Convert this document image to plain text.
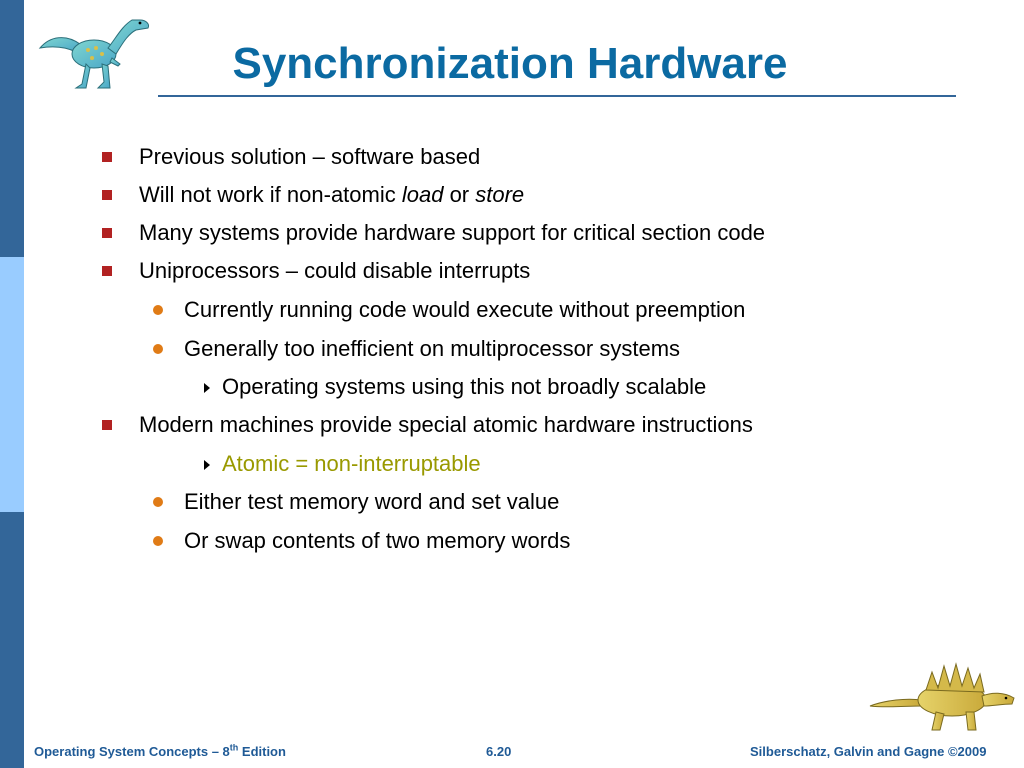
Synchronization Hardware
Previous solution – software based
Will not work if non-atomic load or store
Many systems provide hardware support for critical section code
Uniprocessors – could disable interrupts
Currently running code would execute without preemption
Generally too inefficient on multiprocessor systems
Operating systems using this not broadly scalable
Modern machines provide special atomic hardware instructions
Atomic = non-interruptable
Either test memory word and set value
Or swap contents of two memory words
Operating System Concepts – 8th Edition	6.20	Silberschatz, Galvin and Gagne ©2009
